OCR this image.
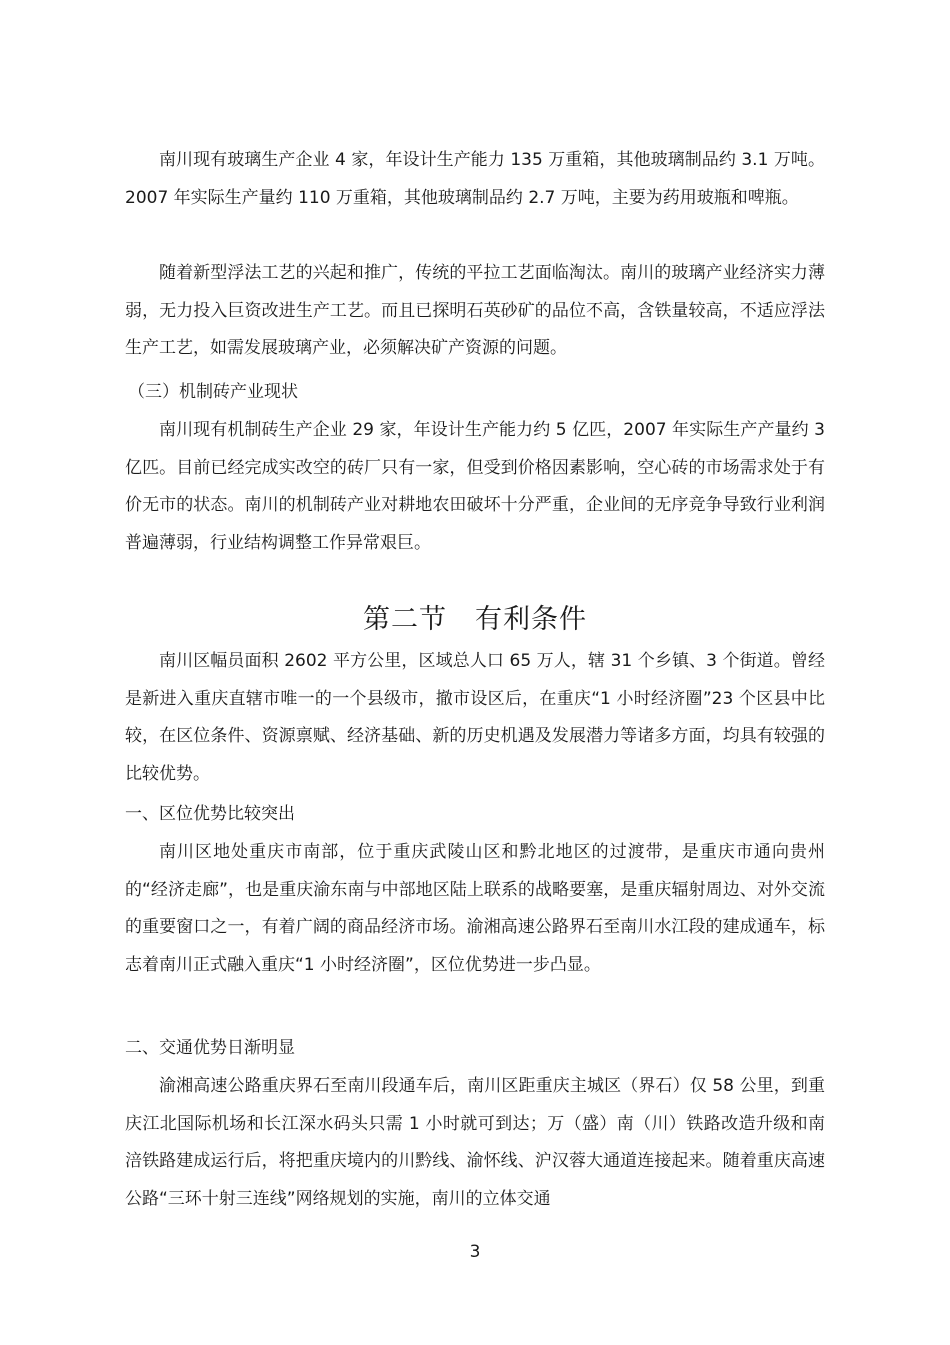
南川现有玻璃生产企业 4 家，年设计生产能力 135 万重箱，其他玻璃制品约 3.1 万吨。2007 年实际生产量约 110 万重箱，其他玻璃制品约 2.7 万吨，主要为药用玻瓶和啤瓶。

随着新型浮法工艺的兴起和推广，传统的平拉工艺面临淘汰。南川的玻璃产业经济实力薄弱，无力投入巨资改进生产工艺。而且已探明石英砂矿的品位不高，含铁量较高，不适应浮法生产工艺，如需发展玻璃产业，必须解决矿产资源的问题。

（三）机制砖产业现状

南川现有机制砖生产企业 29 家，年设计生产能力约 5 亿匹，2007 年实际生产产量约 3 亿匹。目前已经完成实改空的砖厂只有一家，但受到价格因素影响，空心砖的市场需求处于有价无市的状态。南川的机制砖产业对耕地农田破坏十分严重，企业间的无序竞争导致行业利润普遍薄弱，行业结构调整工作异常艰巨。

第二节　有利条件

南川区幅员面积 2602 平方公里，区域总人口 65 万人，辖 31 个乡镇、3 个街道。曾经是新进入重庆直辖市唯一的一个县级市，撤市设区后，在重庆“1 小时经济圈”23 个区县中比较，在区位条件、资源禀赋、经济基础、新的历史机遇及发展潜力等诸多方面，均具有较强的比较优势。

一、区位优势比较突出

南川区地处重庆市南部，位于重庆武陵山区和黔北地区的过渡带，是重庆市通向贵州的“经济走廊”，也是重庆渝东南与中部地区陆上联系的战略要塞，是重庆辐射周边、对外交流的重要窗口之一，有着广阔的商品经济市场。渝湘高速公路界石至南川水江段的建成通车，标志着南川正式融入重庆“1 小时经济圈”，区位优势进一步凸显。

二、交通优势日渐明显

渝湘高速公路重庆界石至南川段通车后，南川区距重庆主城区（界石）仅 58 公里，到重庆江北国际机场和长江深水码头只需 1 小时就可到达；万（盛）南（川）铁路改造升级和南涪铁路建成运行后，将把重庆境内的川黔线、渝怀线、沪汉蓉大通道连接起来。随着重庆高速公路“三环十射三连线”网络规划的实施，南川的立体交通

3
